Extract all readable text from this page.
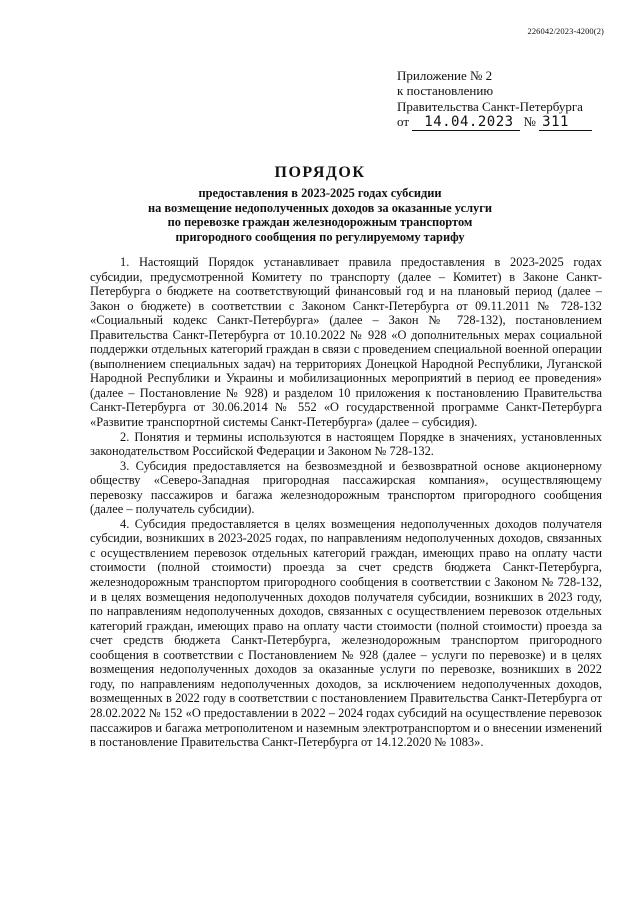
226042/2023-4200(2)
Приложение № 2
к постановлению
Правительства Санкт-Петербурга
от 14.04.2023 № 311
ПОРЯДОК
предоставления в 2023-2025 годах субсидии
на возмещение недополученных доходов за оказанные услуги
по перевозке граждан железнодорожным транспортом
пригородного сообщения по регулируемому тарифу

1. Настоящий Порядок устанавливает правила предоставления в 2023-2025 годах субсидии, предусмотренной Комитету по транспорту (далее – Комитет) в Законе Санкт-Петербурга о бюджете на соответствующий финансовый год и на плановый период (далее – Закон о бюджете) в соответствии с Законом Санкт-Петербурга от 09.11.2011 № 728-132 «Социальный кодекс Санкт-Петербурга» (далее – Закон № 728-132), постановлением Правительства Санкт-Петербурга от 10.10.2022 № 928 «О дополнительных мерах социальной поддержки отдельных категорий граждан в связи с проведением специальной военной операции (выполнением специальных задач) на территориях Донецкой Народной Республики, Луганской Народной Республики и Украины и мобилизационных мероприятий в период ее проведения» (далее – Постановление № 928) и разделом 10 приложения к постановлению Правительства Санкт-Петербурга от 30.06.2014 № 552 «О государственной программе Санкт-Петербурга «Развитие транспортной системы Санкт-Петербурга» (далее – субсидия).

2. Понятия и термины используются в настоящем Порядке в значениях, установленных законодательством Российской Федерации и Законом № 728-132.

3. Субсидия предоставляется на безвозмездной и безвозвратной основе акционерному обществу «Северо-Западная пригородная пассажирская компания», осуществляющему перевозку пассажиров и багажа железнодорожным транспортом пригородного сообщения (далее – получатель субсидии).

4. Субсидия предоставляется в целях возмещения недополученных доходов получателя субсидии, возникших в 2023-2025 годах, по направлениям недополученных доходов, связанных с осуществлением перевозок отдельных категорий граждан, имеющих право на оплату части стоимости (полной стоимости) проезда за счет средств бюджета Санкт-Петербурга, железнодорожным транспортом пригородного сообщения в соответствии с Законом № 728-132, и в целях возмещения недополученных доходов получателя субсидии, возникших в 2023 году, по направлениям недополученных доходов, связанных с осуществлением перевозок отдельных категорий граждан, имеющих право на оплату части стоимости (полной стоимости) проезда за счет средств бюджета Санкт-Петербурга, железнодорожным транспортом пригородного сообщения в соответствии с Постановлением № 928 (далее – услуги по перевозке) и в целях возмещения недополученных доходов за оказанные услуги по перевозке, возникших в 2022 году, по направлениям недополученных доходов, за исключением недополученных доходов, возмещенных в 2022 году в соответствии с постановлением Правительства Санкт-Петербурга от 28.02.2022 № 152 «О предоставлении в 2022 – 2024 годах субсидий на осуществление перевозок пассажиров и багажа метрополитеном и наземным электротранспортом и о внесении изменений в постановление Правительства Санкт-Петербурга от 14.12.2020 № 1083».
